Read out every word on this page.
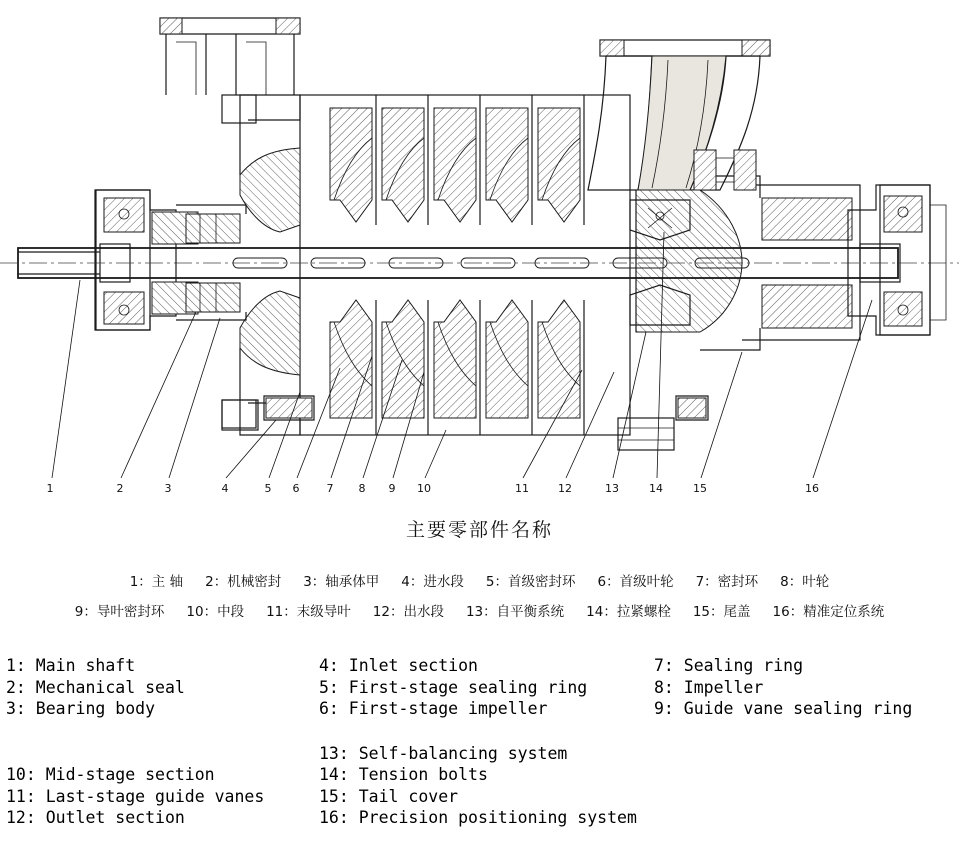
1	2	3	4	5 6 7 8 9 10	11	12	13	14	15	16
主要零部件名称
1：主 轴	2：机械密封	3：轴承体甲	4：进水段	5：首级密封环	6：首级叶轮	7：密封环	8：叶轮
9：导叶密封环	10：中段	11：末级导叶	12：出水段	13：自平衡系统	14：拉紧螺栓	15：尾盖	16：精准定位系统
1: Main shaft
2: Mechanical seal
3: Bearing body
4: Inlet section
5: First-stage sealing ring
6: First-stage impeller
7: Sealing ring
8: Impeller
9: Guide vane sealing ring
10: Mid-stage section
11: Last-stage guide vanes
12: Outlet section
13: Self-balancing system
14: Tension bolts
15: Tail cover
16: Precision positioning system
